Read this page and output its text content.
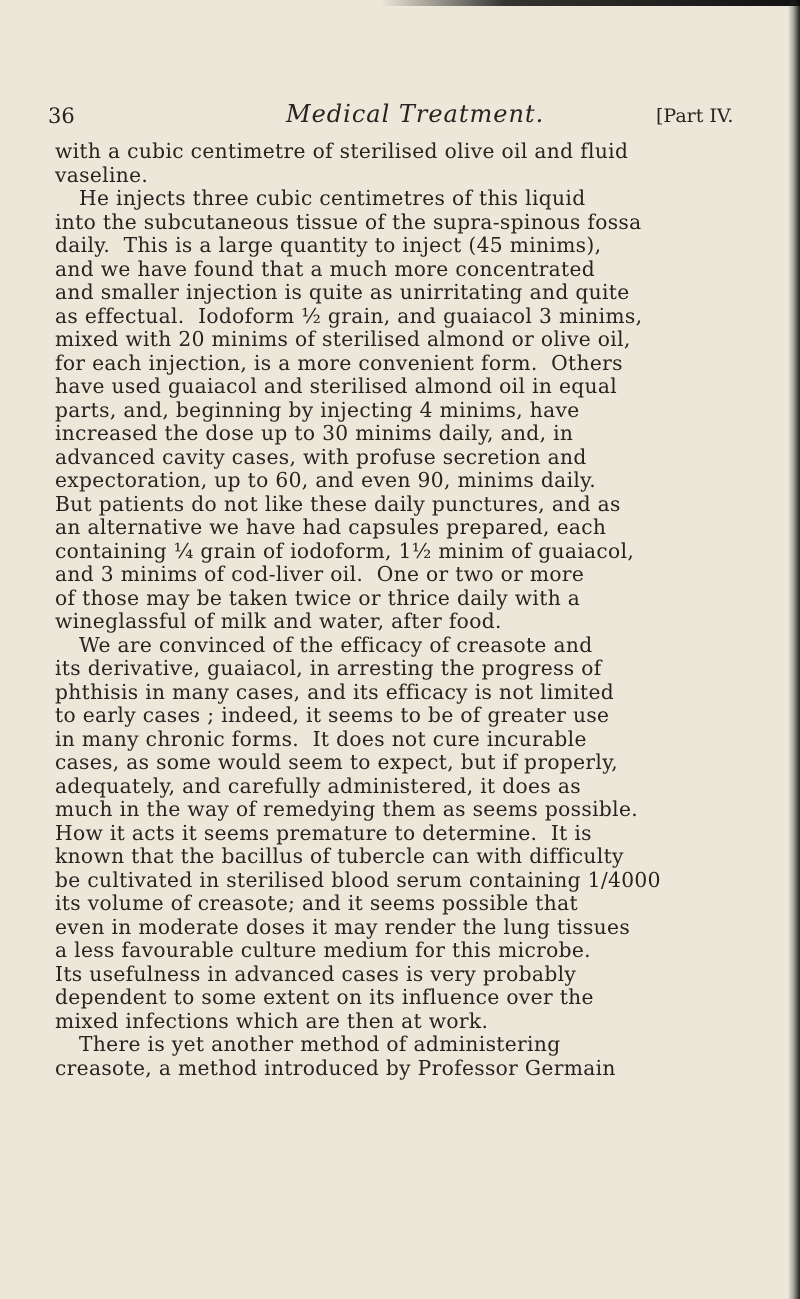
36	Medical Treatment.	[Part IV.
with a cubic centimetre of sterilised olive oil and fluid
vaseline.
He injects three cubic centimetres of this liquid
into the subcutaneous tissue of the supra-spinous fossa
daily.  This is a large quantity to inject (45 minims),
and we have found that a much more concentrated
and smaller injection is quite as unirritating and quite
as effectual.  Iodoform ½ grain, and guaiacol 3 minims,
mixed with 20 minims of sterilised almond or olive oil,
for each injection, is a more convenient form.  Others
have used guaiacol and sterilised almond oil in equal
parts, and, beginning by injecting 4 minims, have
increased the dose up to 30 minims daily, and, in
advanced cavity cases, with profuse secretion and
expectoration, up to 60, and even 90, minims daily.
But patients do not like these daily punctures, and as
an alternative we have had capsules prepared, each
containing ¼ grain of iodoform, 1½ minim of guaiacol,
and 3 minims of cod-liver oil.  One or two or more
of those may be taken twice or thrice daily with a
wineglassful of milk and water, after food.
We are convinced of the efficacy of creasote and
its derivative, guaiacol, in arresting the progress of
phthisis in many cases, and its efficacy is not limited
to early cases ; indeed, it seems to be of greater use
in many chronic forms.  It does not cure incurable
cases, as some would seem to expect, but if properly,
adequately, and carefully administered, it does as
much in the way of remedying them as seems possible.
How it acts it seems premature to determine.  It is
known that the bacillus of tubercle can with difficulty
be cultivated in sterilised blood serum containing 1/4000
its volume of creasote; and it seems possible that
even in moderate doses it may render the lung tissues
a less favourable culture medium for this microbe.
Its usefulness in advanced cases is very probably
dependent to some extent on its influence over the
mixed infections which are then at work.
There is yet another method of administering
creasote, a method introduced by Professor Germain
